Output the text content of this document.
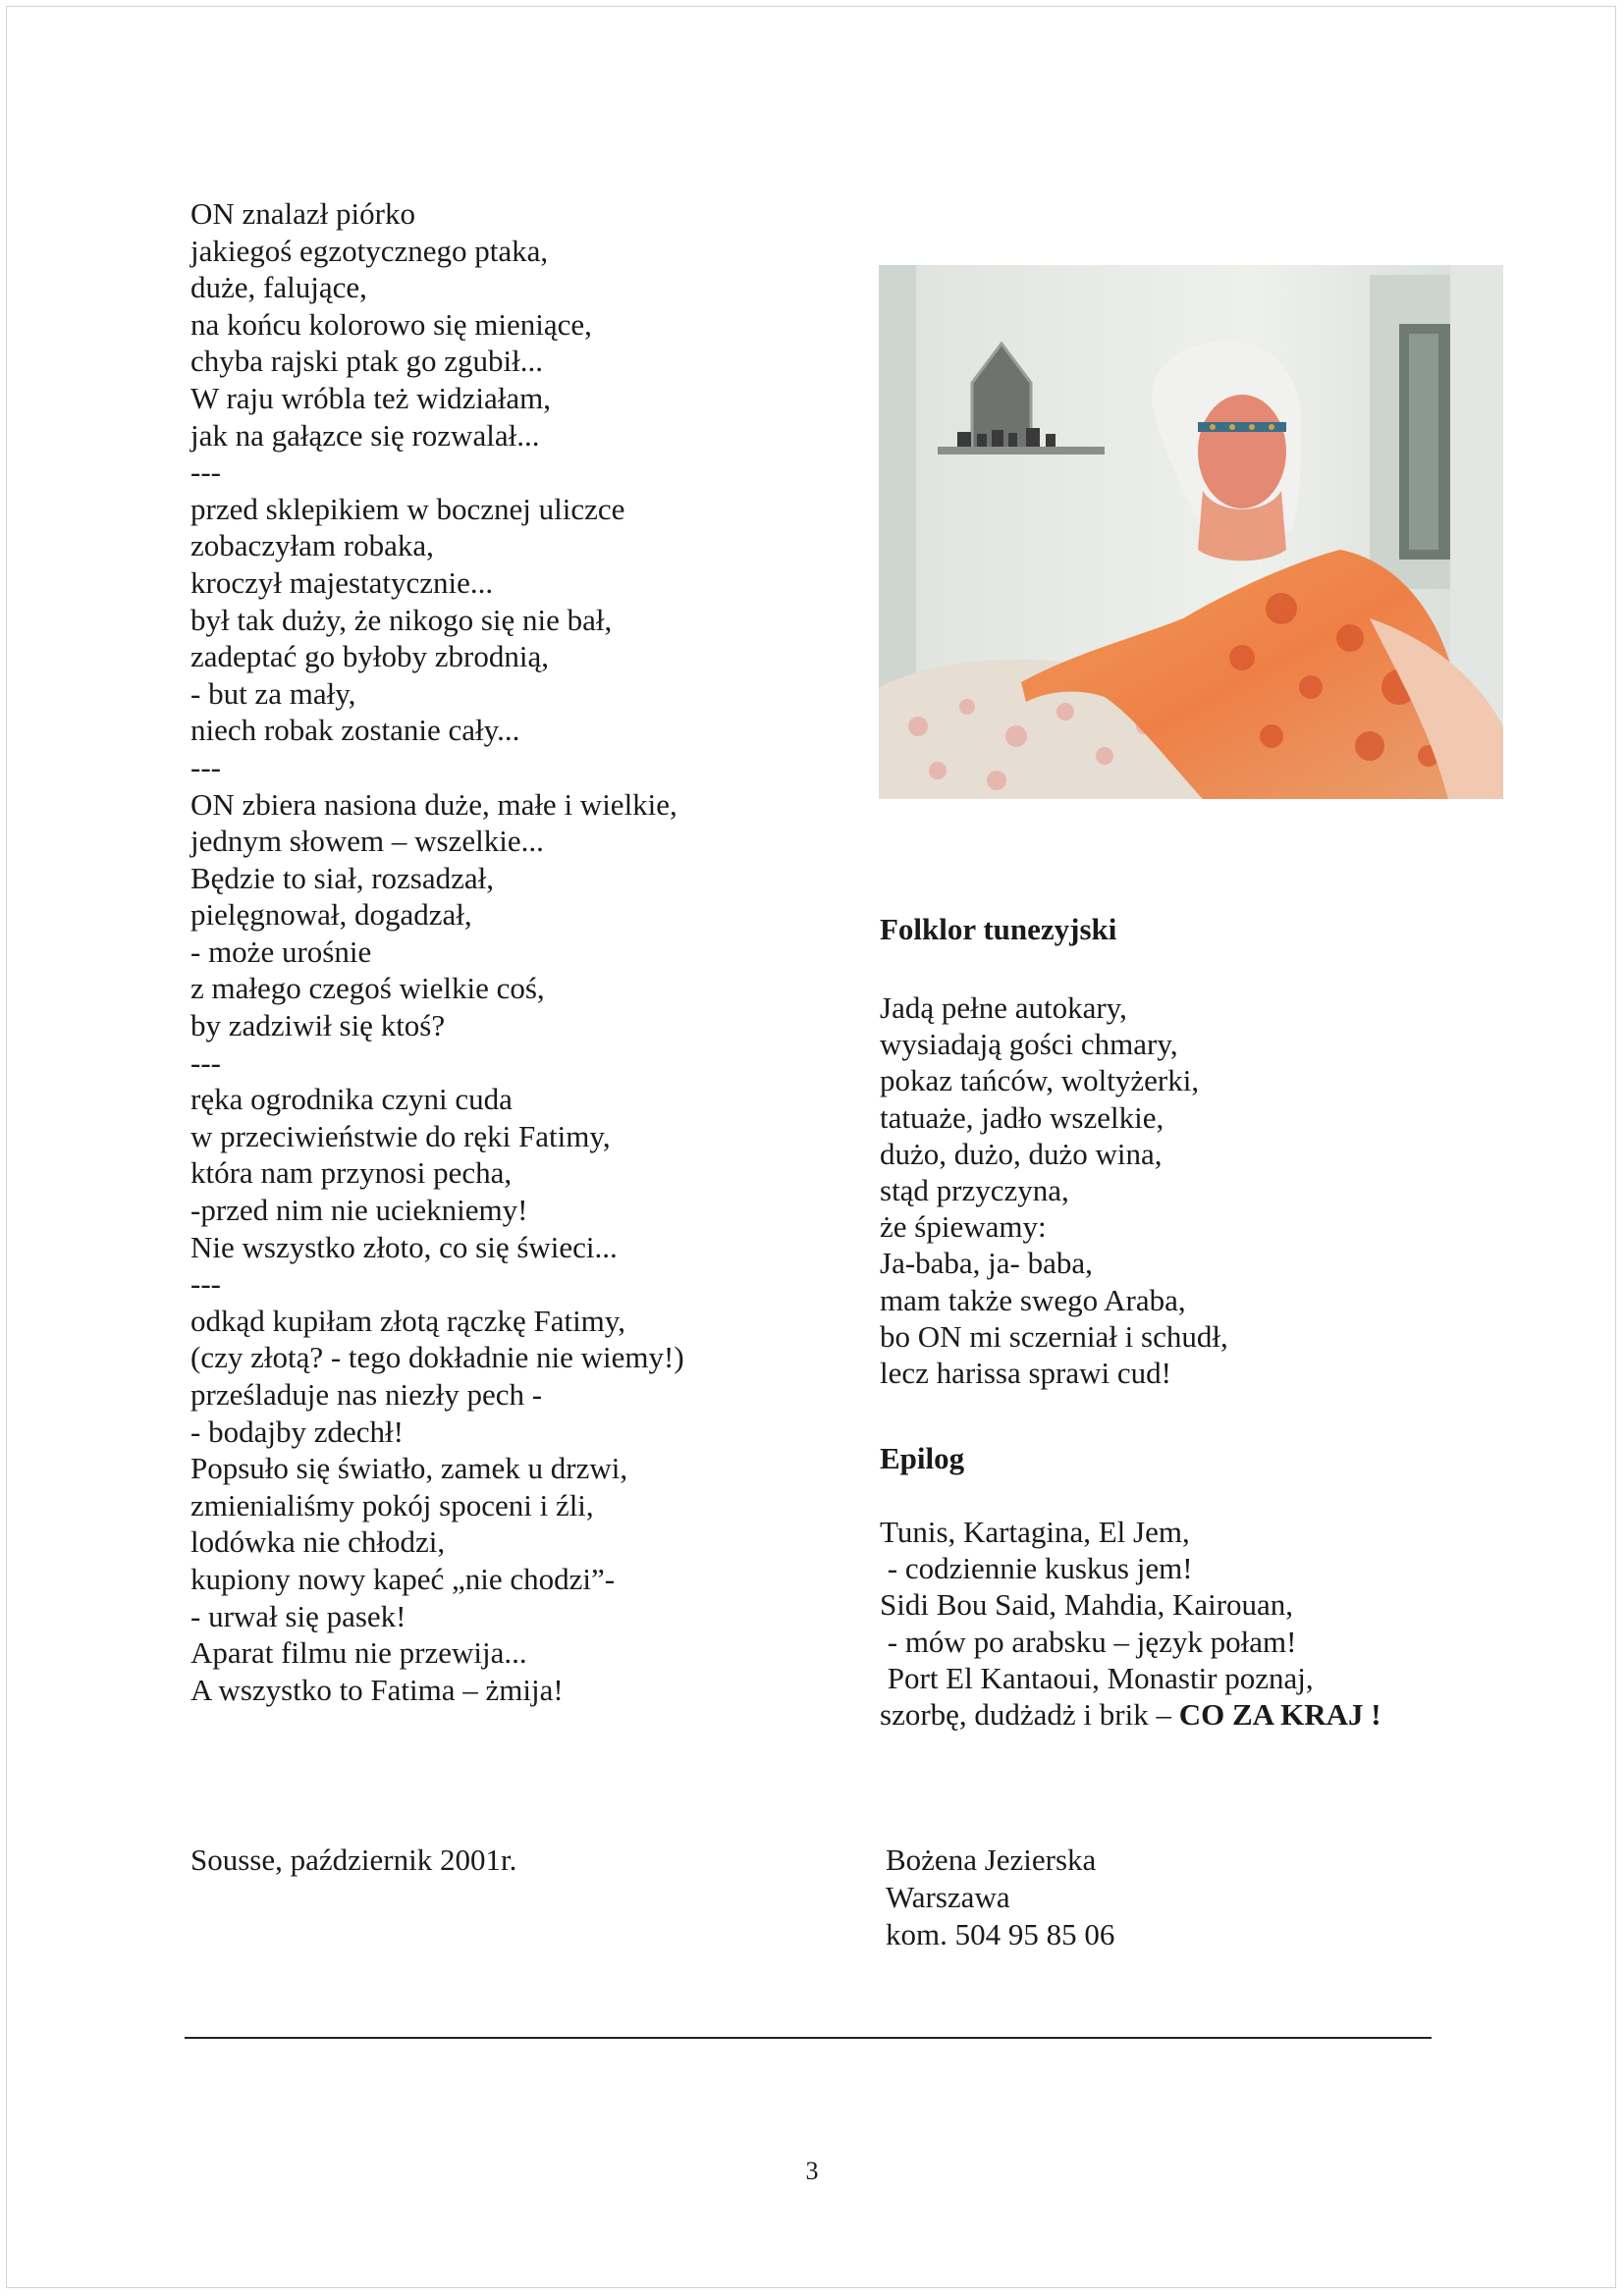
ON znalazł piórko
jakiegoś egzotycznego ptaka,
duże, falujące,
na końcu kolorowo się mieniące,
chyba rajski ptak go zgubił...
W raju wróbla też widziałam,
jak na gałązce się rozwalał...
---
przed sklepikiem w bocznej uliczce
zobaczyłam robaka,
kroczył majestatycznie...
był tak duży, że nikogo się nie bał,
zadeptać go byłoby zbrodnią,
- but za mały,
niech robak zostanie cały...
---
ON zbiera nasiona duże, małe i wielkie,
jednym słowem – wszelkie...
Będzie to siał, rozsadzał,
pielęgnował, dogadzał,
- może urośnie
z małego czegoś wielkie coś,
by zadziwił się ktoś?
---
ręka ogrodnika czyni cuda
w przeciwieństwie do ręki Fatimy,
która nam przynosi pecha,
-przed nim nie uciekniemy!
Nie wszystko złoto, co się świeci...
---
odkąd kupiłam złotą rączkę Fatimy,
(czy złotą? - tego dokładnie nie wiemy!)
prześladuje nas niezły pech -
- bodajby zdechł!
Popsuło się światło, zamek u drzwi,
zmienialiśmy pokój spoceni i źli,
lodówka nie chłodzi,
kupiony nowy kapeć „nie chodzi”-
- urwał się pasek!
Aparat filmu nie przewija...
A wszystko to Fatima – żmija!
Folklor tunezyjski
Jadą pełne autokary,
wysiadają gości chmary,
pokaz tańców, woltyżerki,
tatuaże, jadło wszelkie,
dużo, dużo, dużo wina,
stąd przyczyna,
że śpiewamy:
Ja-baba, ja- baba,
mam także swego Araba,
bo ON mi sczerniał i schudł,
lecz harissa sprawi cud!
Epilog
Tunis, Kartagina, El Jem,
- codziennie kuskus jem!
Sidi Bou Said, Mahdia, Kairouan,
- mów po arabsku – język połam!
Port El Kantaoui, Monastir poznaj,
szorbę, dudżadż i brik – CO ZA KRAJ !
Sousse, październik 2001r.	Bożena Jezierska
Warszawa
kom. 504 95 85 06
3
